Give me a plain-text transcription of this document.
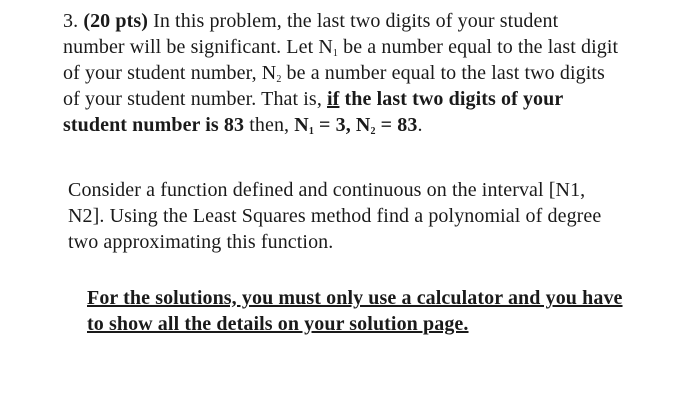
3. (20 pts) In this problem, the last two digits of your student
number will be significant. Let $N_1$ be a number equal to the last digit
of your student number, $N_2$ be a number equal to the last two digits
of your student number. That is, if the last two digits of your
student number is 83 then, $N_1 = 3$, $N_2 = 83$.
Consider a function defined and continuous on the interval [N1,
N2]. Using the Least Squares method find a polynomial of degree
two approximating this function.
For the solutions, you must only use a calculator and you have
to show all the details on your solution page.
